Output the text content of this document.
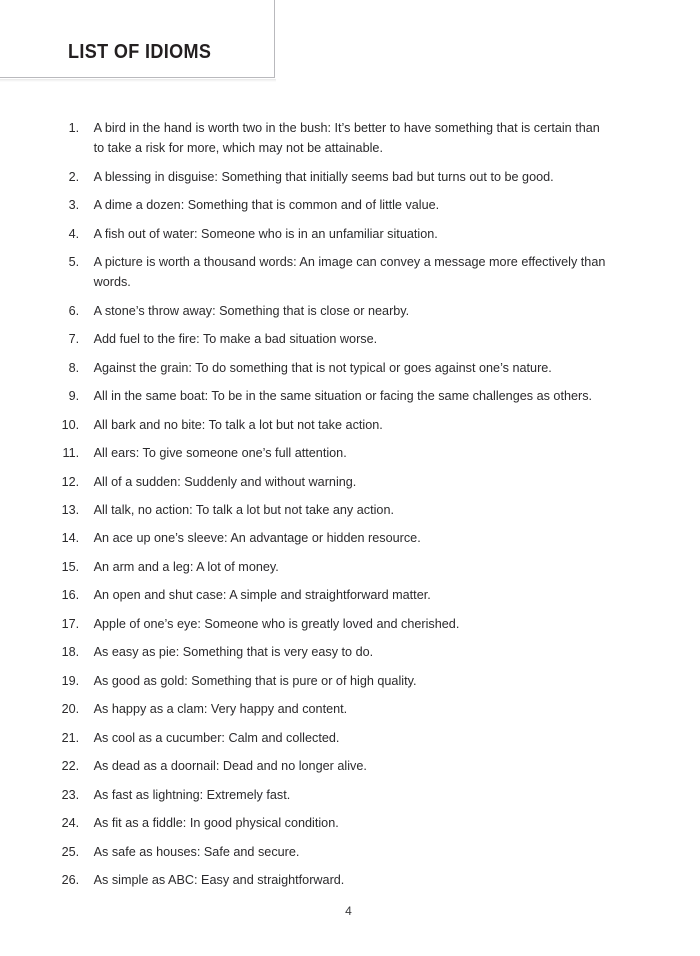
LIST OF IDIOMS
1. A bird in the hand is worth two in the bush: It’s better to have something that is certain than to take a risk for more, which may not be attainable.
2. A blessing in disguise: Something that initially seems bad but turns out to be good.
3. A dime a dozen: Something that is common and of little value.
4. A fish out of water: Someone who is in an unfamiliar situation.
5. A picture is worth a thousand words: An image can convey a message more effectively than words.
6. A stone’s throw away: Something that is close or nearby.
7. Add fuel to the fire: To make a bad situation worse.
8. Against the grain: To do something that is not typical or goes against one’s nature.
9. All in the same boat: To be in the same situation or facing the same challenges as others.
10. All bark and no bite: To talk a lot but not take action.
11. All ears: To give someone one’s full attention.
12. All of a sudden: Suddenly and without warning.
13. All talk, no action: To talk a lot but not take any action.
14. An ace up one’s sleeve: An advantage or hidden resource.
15. An arm and a leg: A lot of money.
16. An open and shut case: A simple and straightforward matter.
17. Apple of one’s eye: Someone who is greatly loved and cherished.
18. As easy as pie: Something that is very easy to do.
19. As good as gold: Something that is pure or of high quality.
20. As happy as a clam: Very happy and content.
21. As cool as a cucumber: Calm and collected.
22. As dead as a doornail: Dead and no longer alive.
23. As fast as lightning: Extremely fast.
24. As fit as a fiddle: In good physical condition.
25. As safe as houses: Safe and secure.
26. As simple as ABC: Easy and straightforward.
4
